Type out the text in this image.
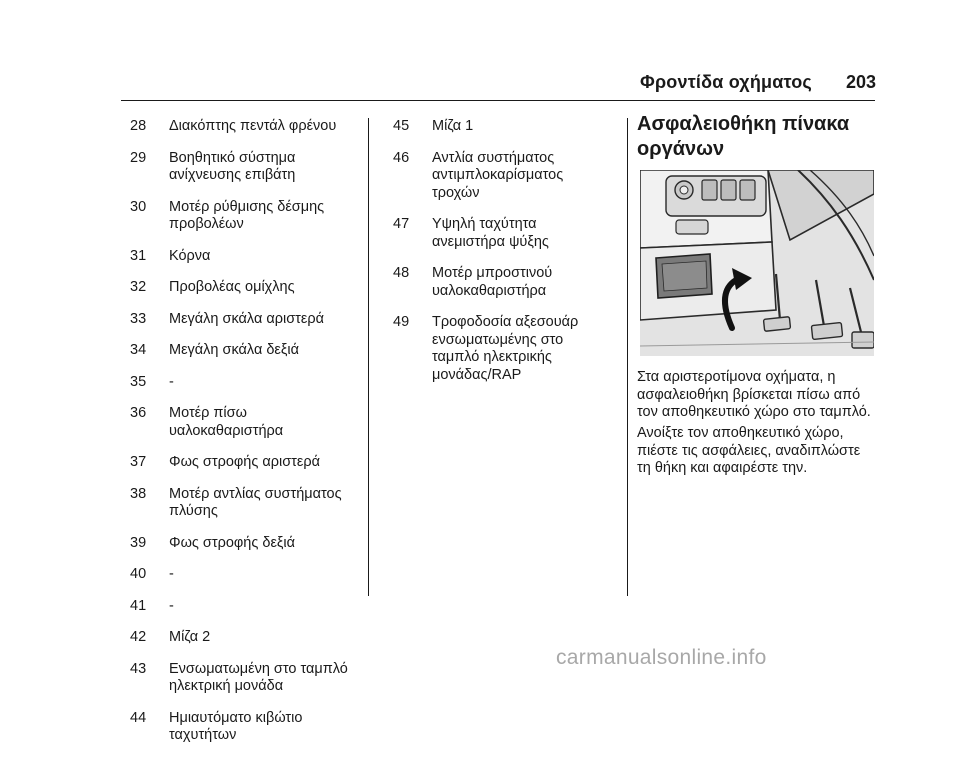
Φροντίδα οχήματος 203
28	Διακόπτης πεντάλ φρένου
29	Βοηθητικό σύστημα
ανίχνευσης επιβάτη
30	Μοτέρ ρύθμισης δέσμης
προβολέων
31	Κόρνα
32	Προβολέας ομίχλης
33	Μεγάλη σκάλα αριστερά
34	Μεγάλη σκάλα δεξιά
35	-
36	Μοτέρ πίσω
υαλοκαθαριστήρα
37	Φως στροφής αριστερά
38	Μοτέρ αντλίας συστήματος
πλύσης
39	Φως στροφής δεξιά
40	-
41	-
42	Μίζα 2
43	Ενσωματωμένη στο ταμπλό
ηλεκτρική μονάδα
44	Ημιαυτόματο κιβώτιο
ταχυτήτων
45	Μίζα 1
46	Αντλία συστήματος
αντιμπλοκαρίσματος
τροχών
47	Υψηλή ταχύτητα
ανεμιστήρα ψύξης
48	Μοτέρ μπροστινού
υαλοκαθαριστήρα
49	Τροφοδοσία αξεσουάρ
ενσωματωμένης στο
ταμπλό ηλεκτρικής
μονάδας/RAP
Ασφαλειοθήκη πίνακα
οργάνων
Στα αριστεροτίμονα οχήματα, η ασφαλειοθήκη βρίσκεται πίσω από τον αποθηκευτικό χώρο στο ταμπλό.
Ανοίξτε τον αποθηκευτικό χώρο, πιέστε τις ασφάλειες, αναδιπλώστε τη θήκη και αφαιρέστε την.
carmanualsonline.info
